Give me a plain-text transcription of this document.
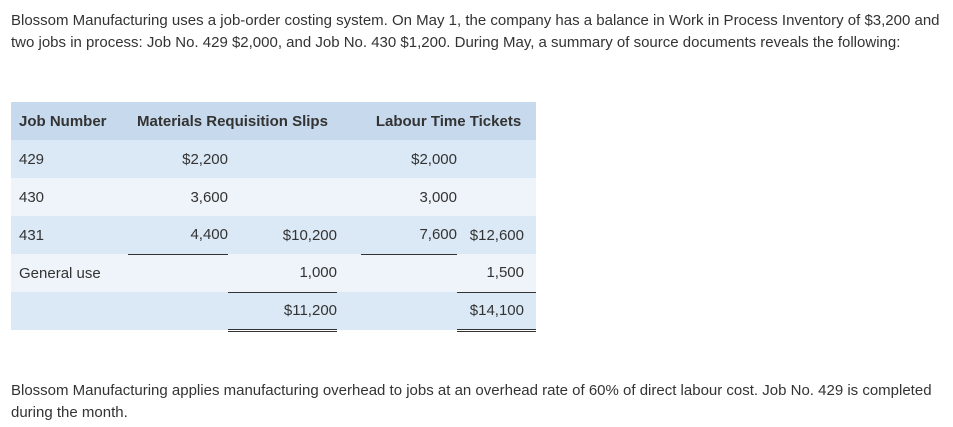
Blossom Manufacturing uses a job-order costing system. On May 1, the company has a balance in Work in Process Inventory of $3,200 and two jobs in process: Job No. 429 $2,000, and Job No. 430 $1,200. During May, a summary of source documents reveals the following:

Job Number	Materials Requisition Slips			Labour Time Tickets	
429	$2,200			$2,000	
430	3,600			3,000	
431	4,400	$10,200		7,600	$12,600
General use		1,000			1,500
		$11,200			$14,100

Blossom Manufacturing applies manufacturing overhead to jobs at an overhead rate of 60% of direct labour cost. Job No. 429 is completed during the month.
